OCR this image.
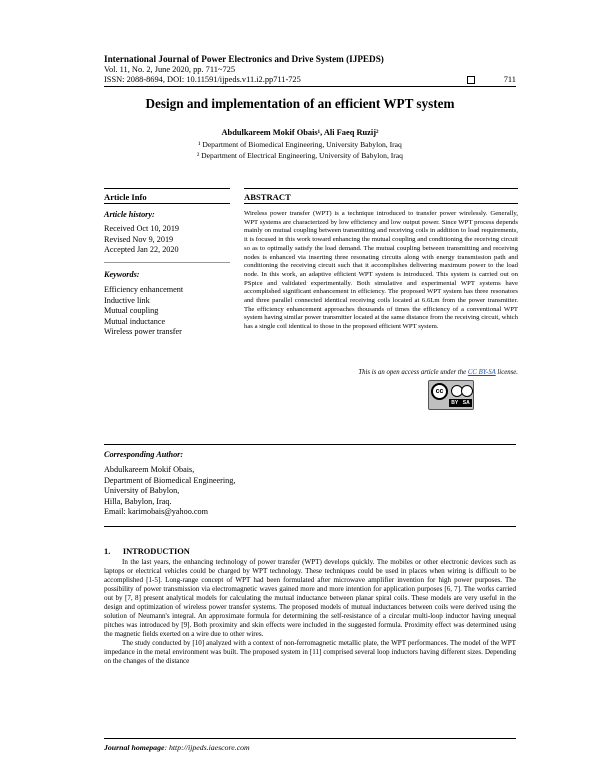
International Journal of Power Electronics and Drive System (IJPEDS)
Vol. 11, No. 2, June 2020, pp. 711~725
ISSN: 2088-8694, DOI: 10.11591/ijpeds.v11.i2.pp711-725	711
Design and implementation of an efficient WPT system
Abdulkareem Mokif Obais¹, Ali Faeq Ruzij²
¹ Department of Biomedical Engineering, University Babylon, Iraq
² Department of Electrical Engineering, University of Babylon, Iraq
Article Info	ABSTRACT
Article history:
Received Oct 10, 2019
Revised Nov 9, 2019
Accepted Jan 22, 2020
Keywords:
Efficiency enhancement
Inductive link
Mutual coupling
Mutual inductance
Wireless power transfer
Wireless power transfer (WPT) is a technique introduced to transfer power wirelessly. Generally, WPT systems are characterized by low efficiency and low output power. Since WPT process depends mainly on mutual coupling between transmitting and receiving coils in addition to load requirements, it is focused in this work toward enhancing the mutual coupling and conditioning the receiving circuit so as to optimally satisfy the load demand. The mutual coupling between transmitting and receiving nodes is enhanced via inserting three resonating circuits along with energy transmission path and conditioning the receiving circuit such that it accomplishes delivering maximum power to the load node. In this work, an adaptive efficient WPT system is introduced. This system is carried out on PSpice and validated experimentally. Both simulative and experimental WPT systems have accomplished significant enhancement in efficiency. The proposed WPT system has three resonators and three parallel connected identical receiving coils located at 6.6Lm from the power transmitter. The efficiency enhancement approaches thousands of times the efficiency of a conventional WPT system having similar power transmitter located at the same distance from the receiving circuit, which has a single coil identical to those in the proposed efficient WPT system.
This is an open access article under the CC BY-SA license.
cc
BY SA
Corresponding Author:
Abdulkareem Mokif Obais,
Department of Biomedical Engineering,
University of Babylon,
Hilla, Babylon, Iraq.
Email: karimobais@yahoo.com
1.      INTRODUCTION

In the last years, the enhancing technology of power transfer (WPT) develops quickly. The mobiles or other electronic devices such as laptops or electrical vehicles could be charged by WPT technology. These techniques could be used in places when wiring is difficult to be accomplished [1-5]. Long-range concept of WPT had been formulated after microwave amplifier invention for high power purposes. The possibility of power transmission via electromagnetic waves gained more and more intention for application purposes [6, 7]. The works carried out by [7, 8] present analytical models for calculating the mutual inductance between planar spiral coils. These models are very useful in the design and optimization of wireless power transfer systems. The proposed models of mutual inductances between coils were derived using the solution of Neumann's integral. An approximate formula for determining the self-resistance of a circular multi-loop inductor having unequal pitches was introduced by [9]. Both proximity and skin effects were included in the suggested formula. Proximity effect was determined using the magnetic fields exerted on a wire due to other wires.

The study conducted by [10] analyzed with a context of non-ferromagnetic metallic plate, the WPT performances. The model of the WPT impedance in the metal environment was built. The proposed system in [11] comprised several loop inductors having different sizes. Depending on the changes of the distance

Journal homepage: http://ijpeds.iaescore.com
